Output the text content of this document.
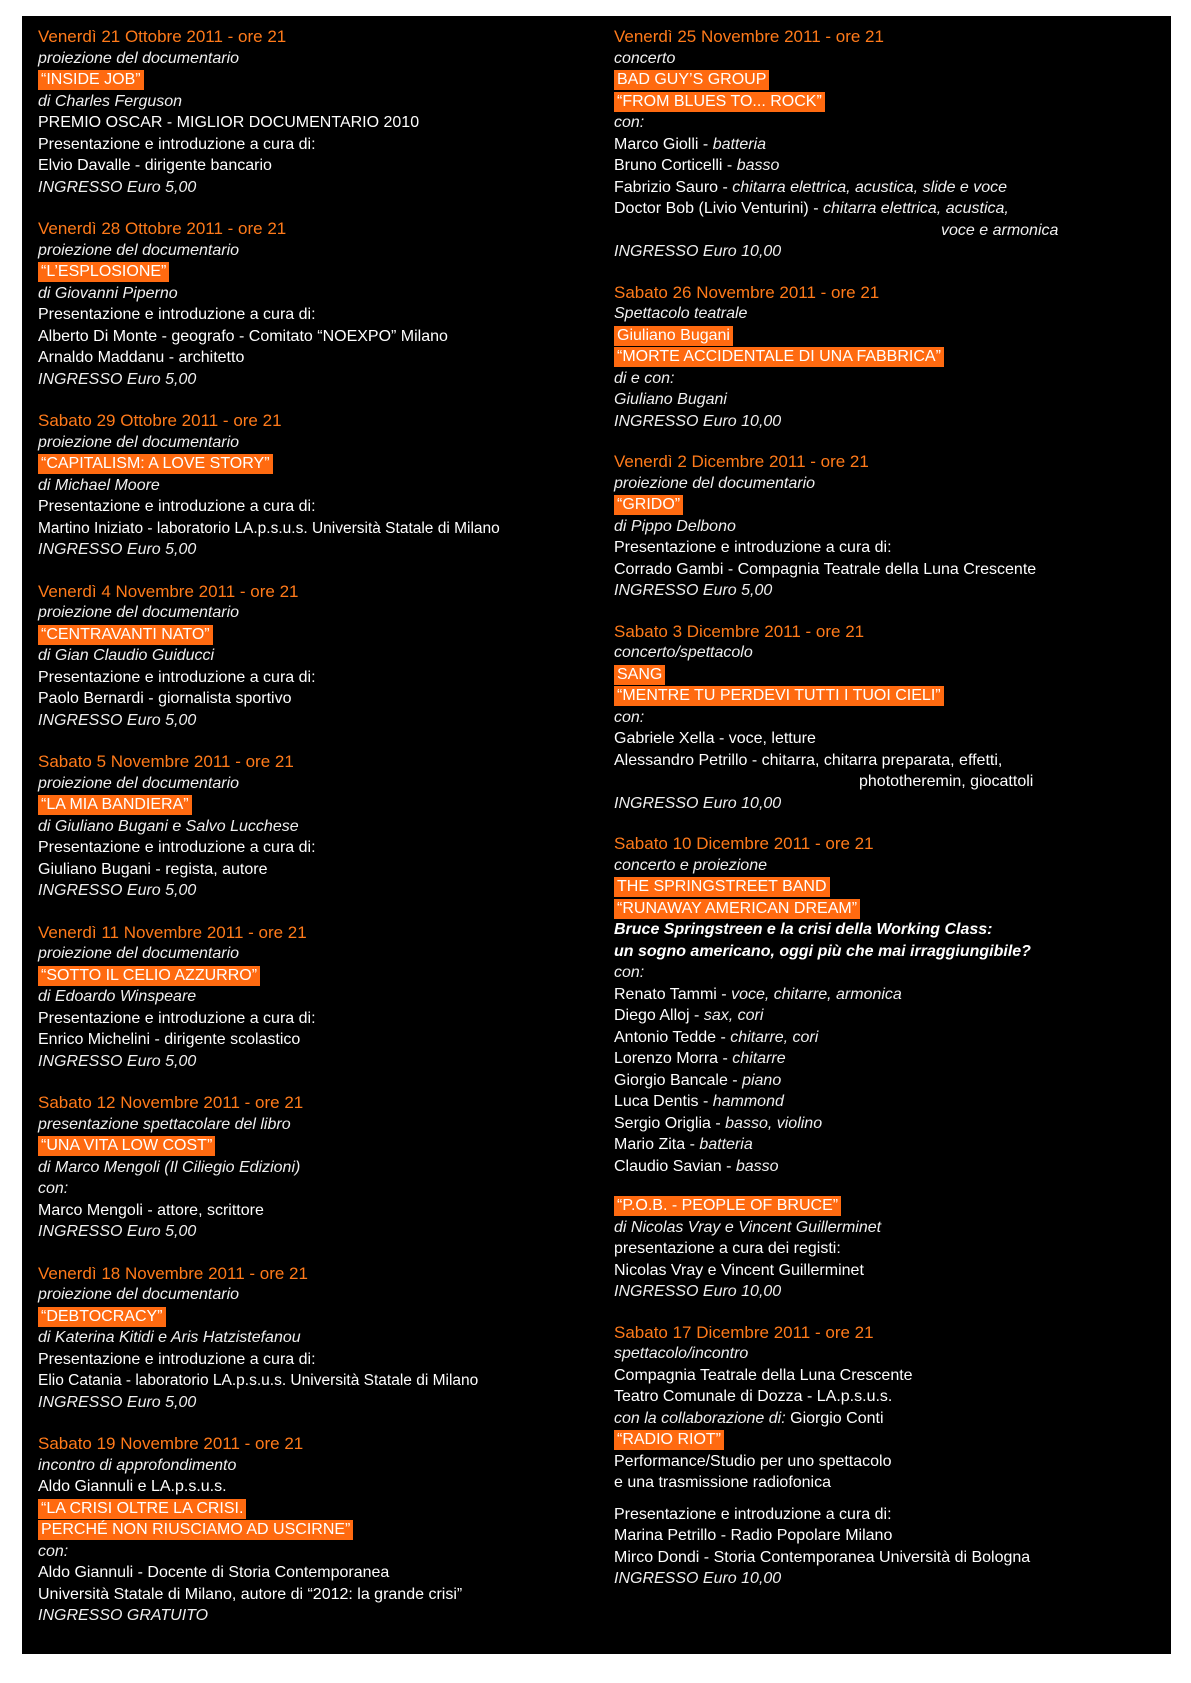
Venerdì 21 Ottobre 2011 - ore 21
proiezione del documentario
“INSIDE JOB”
di Charles Ferguson
PREMIO OSCAR - MIGLIOR DOCUMENTARIO 2010
Presentazione e introduzione a cura di:
Elvio Davalle - dirigente bancario
INGRESSO Euro 5,00
Venerdì 28 Ottobre 2011 - ore 21
proiezione del documentario
“L’ESPLOSIONE”
di Giovanni Piperno
Presentazione e introduzione a cura di:
Alberto Di Monte - geografo - Comitato “NOEXPO” Milano
Arnaldo Maddanu - architetto
INGRESSO Euro 5,00
Sabato 29 Ottobre 2011 - ore 21
proiezione del documentario
“CAPITALISM: A LOVE STORY”
di Michael Moore
Presentazione e introduzione a cura di:
Martino Iniziato - laboratorio LA.p.s.u.s. Università Statale di Milano
INGRESSO Euro 5,00
Venerdì 4 Novembre 2011 - ore 21
proiezione del documentario
“CENTRAVANTI NATO”
di Gian Claudio Guiducci
Presentazione e introduzione a cura di:
Paolo Bernardi - giornalista sportivo
INGRESSO Euro 5,00
Sabato 5 Novembre 2011 - ore 21
proiezione del documentario
“LA MIA BANDIERA”
di Giuliano Bugani e Salvo Lucchese
Presentazione e introduzione a cura di:
Giuliano Bugani - regista, autore
INGRESSO Euro 5,00
Venerdì 11 Novembre 2011 - ore 21
proiezione del documentario
“SOTTO IL CELIO AZZURRO”
di Edoardo Winspeare
Presentazione e introduzione a cura di:
Enrico Michelini - dirigente scolastico
INGRESSO Euro 5,00
Sabato 12 Novembre 2011 - ore 21
presentazione spettacolare del libro
“UNA VITA LOW COST”
di Marco Mengoli (Il Ciliegio Edizioni)
con:
Marco Mengoli - attore, scrittore
INGRESSO Euro 5,00
Venerdì 18 Novembre 2011 - ore 21
proiezione del documentario
“DEBTOCRACY”
di Katerina Kitidi e Aris Hatzistefanou
Presentazione e introduzione a cura di:
Elio Catania - laboratorio LA.p.s.u.s. Università Statale di Milano
INGRESSO Euro 5,00
Sabato 19 Novembre 2011 - ore 21
incontro di approfondimento
Aldo Giannuli e LA.p.s.u.s.
“LA CRISI OLTRE LA CRISI.
PERCHÉ NON RIUSCIAMO AD USCIRNE”
con:
Aldo Giannuli - Docente di Storia Contemporanea
Università Statale di Milano, autore di “2012: la grande crisi”
INGRESSO GRATUITO
Venerdì 25 Novembre 2011 - ore 21
concerto
BAD GUY’S GROUP
“FROM BLUES TO... ROCK”
con:
Marco Giolli - batteria
Bruno Corticelli - basso
Fabrizio Sauro - chitarra elettrica, acustica, slide e voce
Doctor Bob (Livio Venturini) - chitarra elettrica, acustica,
voce e armonica
INGRESSO Euro 10,00
Sabato 26 Novembre 2011 - ore 21
Spettacolo teatrale
Giuliano Bugani
“MORTE ACCIDENTALE DI UNA FABBRICA”
di e con:
Giuliano Bugani
INGRESSO Euro 10,00
Venerdì 2 Dicembre 2011 - ore 21
proiezione del documentario
“GRIDO”
di Pippo Delbono
Presentazione e introduzione a cura di:
Corrado Gambi - Compagnia Teatrale della Luna Crescente
INGRESSO Euro 5,00
Sabato 3 Dicembre 2011 - ore 21
concerto/spettacolo
SANG
“MENTRE TU PERDEVI TUTTI I TUOI CIELI”
con:
Gabriele Xella - voce, letture
Alessandro Petrillo - chitarra, chitarra preparata, effetti,
phototheremin, giocattoli
INGRESSO Euro 10,00
Sabato 10 Dicembre 2011 - ore 21
concerto e proiezione
THE SPRINGSTREET BAND
“RUNAWAY AMERICAN DREAM”
Bruce Springstreen e la crisi della Working Class:
un sogno americano, oggi più che mai irraggiungibile?
con:
Renato Tammi - voce, chitarre, armonica
Diego Alloj - sax, cori
Antonio Tedde - chitarre, cori
Lorenzo Morra - chitarre
Giorgio Bancale - piano
Luca Dentis - hammond
Sergio Origlia - basso, violino
Mario Zita - batteria
Claudio Savian - basso
“P.O.B. - PEOPLE OF BRUCE”
di Nicolas Vray e Vincent Guillerminet
presentazione a cura dei registi:
Nicolas Vray e Vincent Guillerminet
INGRESSO Euro 10,00
Sabato 17 Dicembre 2011 - ore 21
spettacolo/incontro
Compagnia Teatrale della Luna Crescente
Teatro Comunale di Dozza - LA.p.s.u.s.
con la collaborazione di: Giorgio Conti
“RADIO RIOT”
Performance/Studio per uno spettacolo
e una trasmissione radiofonica
Presentazione e introduzione a cura di:
Marina Petrillo - Radio Popolare Milano
Mirco Dondi - Storia Contemporanea Università di Bologna
INGRESSO Euro 10,00
